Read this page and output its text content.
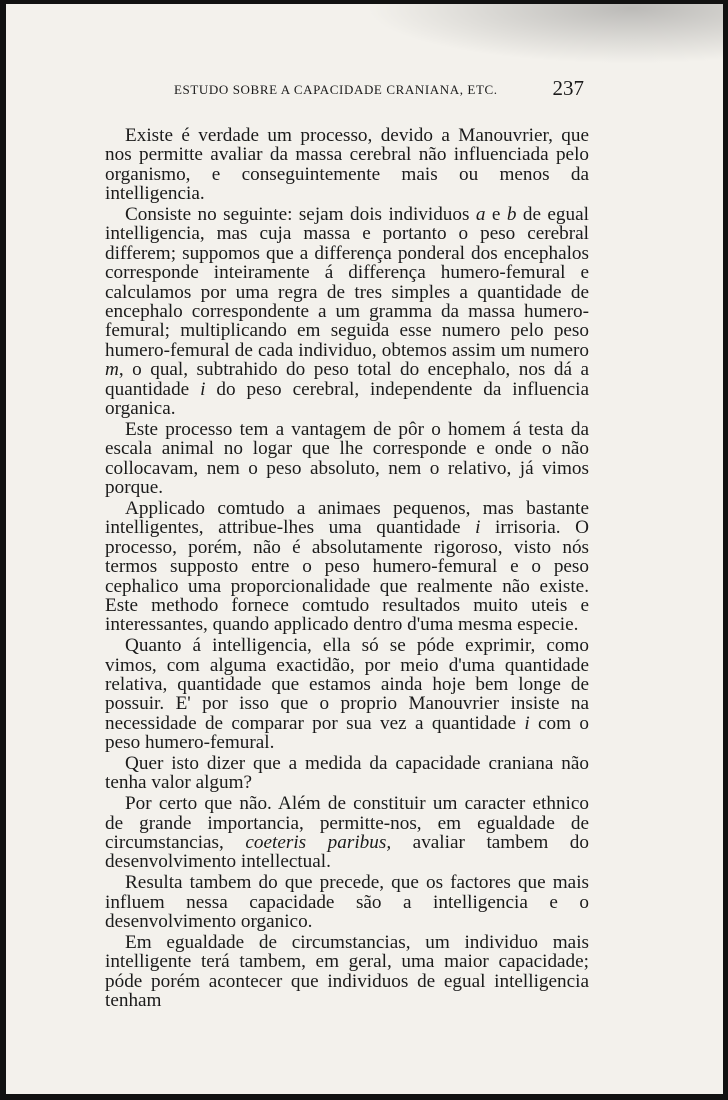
ESTUDO SOBRE A CAPACIDADE CRANIANA, ETC.	237

Existe é verdade um processo, devido a Manouvrier, que nos permitte avaliar da massa cerebral não influenciada pelo organismo, e conseguintemente mais ou menos da intelligencia.

Consiste no seguinte: sejam dois individuos a e b de egual intelligencia, mas cuja massa e portanto o peso cerebral differem; suppomos que a differença ponderal dos encephalos corresponde inteiramente á differença humero-femural e calculamos por uma regra de tres simples a quantidade de encephalo correspondente a um gramma da massa humero-femural; multiplicando em seguida esse numero pelo peso humero-femural de cada individuo, obtemos assim um numero m, o qual, subtrahido do peso total do encephalo, nos dá a quantidade i do peso cerebral, independente da influencia organica.

Este processo tem a vantagem de pôr o homem á testa da escala animal no logar que lhe corresponde e onde o não collocavam, nem o peso absoluto, nem o relativo, já vimos porque.

Applicado comtudo a animaes pequenos, mas bastante intelligentes, attribue-lhes uma quantidade i irrisoria. O processo, porém, não é absolutamente rigoroso, visto nós termos supposto entre o peso humero-femural e o peso cephalico uma proporcionalidade que realmente não existe. Este methodo fornece comtudo resultados muito uteis e interessantes, quando applicado dentro d'uma mesma especie.

Quanto á intelligencia, ella só se póde exprimir, como vimos, com alguma exactidão, por meio d'uma quantidade relativa, quantidade que estamos ainda hoje bem longe de possuir. E' por isso que o proprio Manouvrier insiste na necessidade de comparar por sua vez a quantidade i com o peso humero-femural.

Quer isto dizer que a medida da capacidade craniana não tenha valor algum?

Por certo que não. Além de constituir um caracter ethnico de grande importancia, permitte-nos, em egualdade de circumstancias, coeteris paribus, avaliar tambem do desenvolvimento intellectual.

Resulta tambem do que precede, que os factores que mais influem nessa capacidade são a intelligencia e o desenvolvimento organico.

Em egualdade de circumstancias, um individuo mais intelligente terá tambem, em geral, uma maior capacidade; póde porém acontecer que individuos de egual intelligencia tenham
